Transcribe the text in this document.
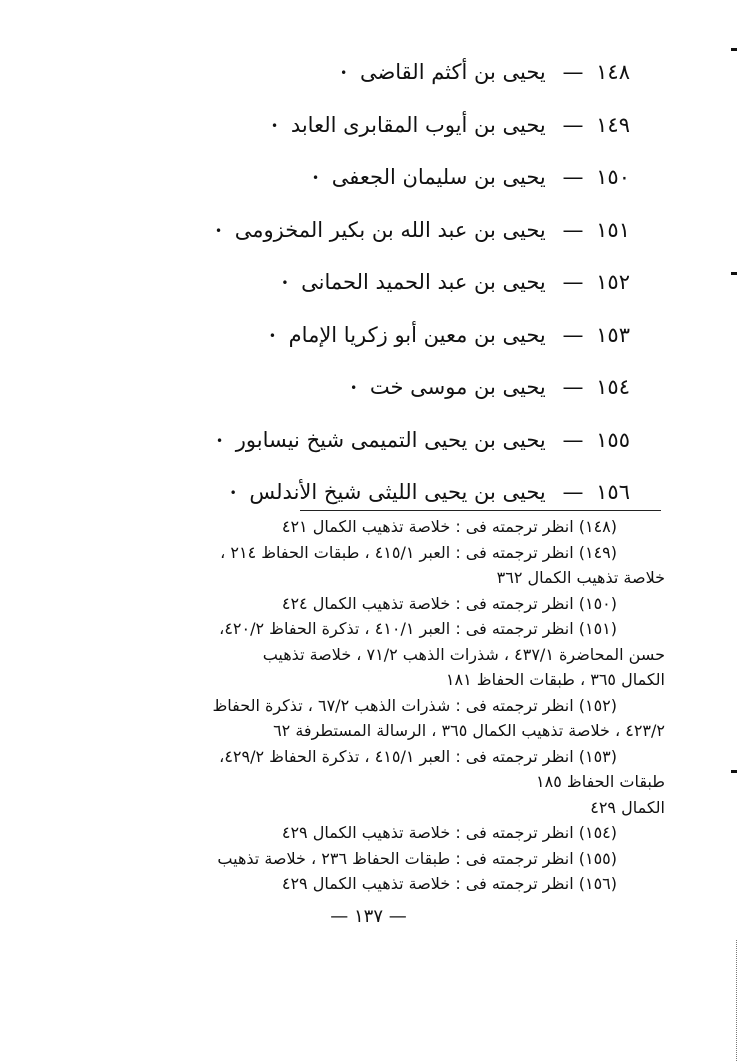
١٤٨ — يحيى بن أكثم القاضى •
١٤٩ — يحيى بن أيوب المقابرى العابد •
١٥٠ — يحيى بن سليمان الجعفى •
١٥١ — يحيى بن عبد الله بن بكير المخزومى •
١٥٢ — يحيى بن عبد الحميد الحمانى •
١٥٣ — يحيى بن معين أبو زكريا الإمام •
١٥٤ — يحيى بن موسى خت •
١٥٥ — يحيى بن يحيى التميمى شيخ نيسابور •
١٥٦ — يحيى بن يحيى الليثى شيخ الأندلس •
(١٤٨) انظر ترجمته فى : خلاصة تذهيب الكمال ٤٢١
(١٤٩) انظر ترجمته فى : العبر ٤١٥/١ ، طبقات الحفاظ ٢١٤ ،
خلاصة تذهيب الكمال ٣٦٢
(١٥٠) انظر ترجمته فى : خلاصة تذهيب الكمال ٤٢٤
(١٥١) انظر ترجمته فى : العبر ٤١٠/١ ، تذكرة الحفاظ ٤٢٠/٢،
حسن المحاضرة ٤٣٧/١ ، شذرات الذهب ٧١/٢ ، خلاصة تذهيب
الكمال ٣٦٥ ، طبقات الحفاظ ١٨١
(١٥٢) انظر ترجمته فى : شذرات الذهب ٦٧/٢ ، تذكرة الحفاظ
٤٢٣/٢ ، خلاصة تذهيب الكمال ٣٦٥ ، الرسالة المستطرفة ٦٢
(١٥٣) انظر ترجمته فى : العبر ٤١٥/١ ، تذكرة الحفاظ ٤٢٩/٢،
طبقات الحفاظ ١٨٥
الكمال ٤٢٩
(١٥٤) انظر ترجمته فى : خلاصة تذهيب الكمال ٤٢٩
(١٥٥) انظر ترجمته فى : طبقات الحفاظ ٢٣٦ ، خلاصة تذهيب
(١٥٦) انظر ترجمته فى : خلاصة تذهيب الكمال ٤٢٩
— ١٣٧ —
